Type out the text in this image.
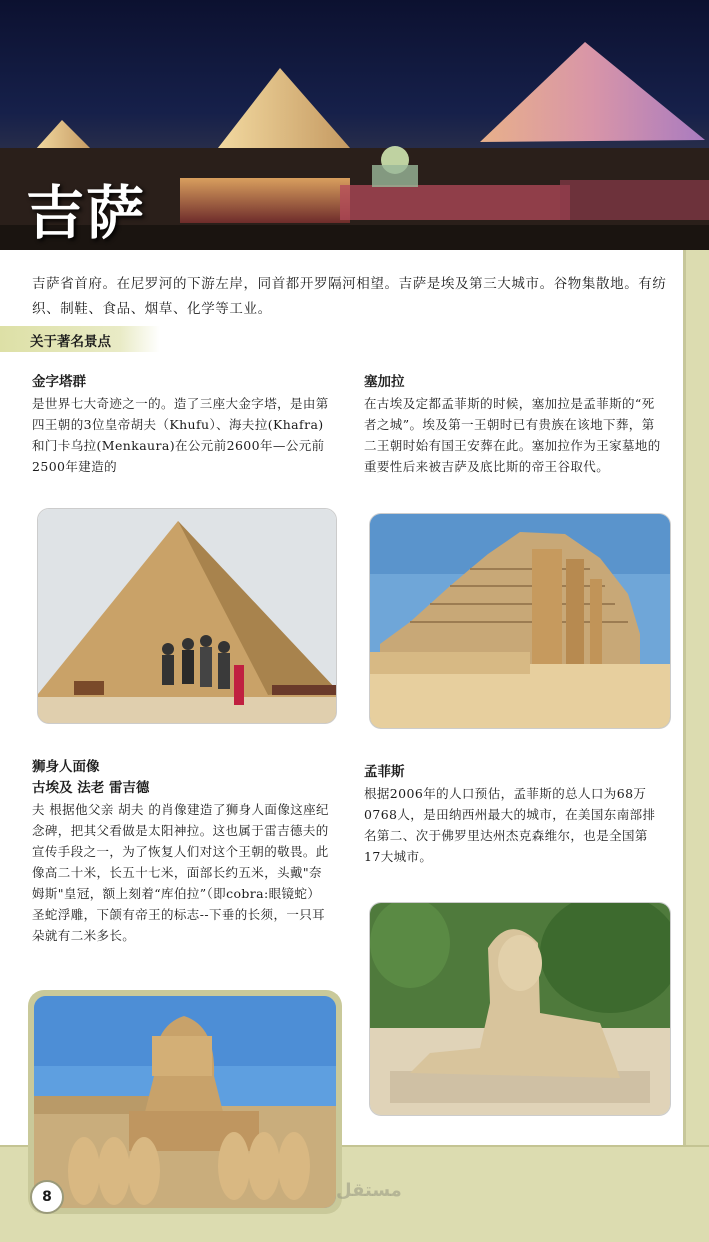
吉萨
吉萨省首府。在尼罗河的下游左岸，同首都开罗隔河相望。吉萨是埃及第三大城市。谷物集散地。有纺织、制鞋、食品、烟草、化学等工业。
关于著名景点
金字塔群
是世界七大奇迹之一的。造了三座大金字塔，是由第四王朝的3位皇帝胡夫（Khufu）、海夫拉(Khafra)和门卡乌拉(Menkaura)在公元前2600年—公元前2500年建造的
塞加拉
在古埃及定都孟菲斯的时候，塞加拉是孟菲斯的“死者之城”。埃及第一王朝时已有贵族在该地下葬，第二王朝时始有国王安葬在此。塞加拉作为王家墓地的重要性后来被吉萨及底比斯的帝王谷取代。
狮身人面像
古埃及 法老 雷吉德
夫 根据他父亲 胡夫 的肖像建造了狮身人面像这座纪念碑，把其父看做是太阳神拉。这也属于雷吉德夫的宣传手段之一，为了恢复人们对这个王朝的敬畏。此像高二十米，长五十七米，面部长约五米，头戴"奈姆斯"皇冠，额上刻着“库伯拉”（即cobra:眼镜蛇）圣蛇浮雕，下颌有帝王的标志--下垂的长须，一只耳朵就有二米多长。
孟菲斯
根据2006年的人口预估，孟菲斯的总人口为68万0768人，是田纳西州最大的城市，在美国东南部排名第二、次于佛罗里达州杰克森维尔，也是全国第17大城市。
8	مستقل
